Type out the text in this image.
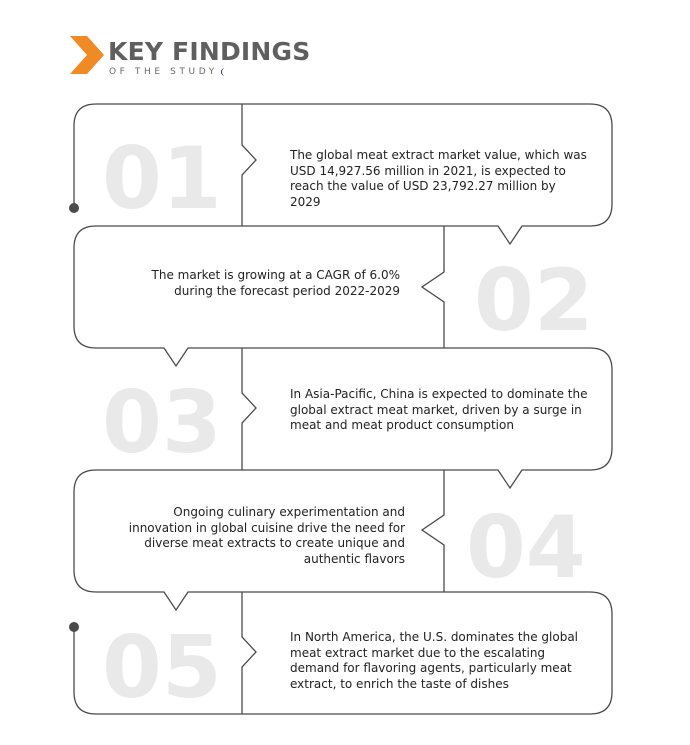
KEY FINDINGS
OF THE STUDY
01
02
03
04
05
The global meat extract market value, which was USD 14,927.56 million in 2021, is expected to reach the value of USD 23,792.27 million by 2029
The market is growing at a CAGR of 6.0% during the forecast period 2022-2029
In Asia-Pacific, China is expected to dominate the global extract meat market, driven by a surge in meat and meat product consumption
Ongoing culinary experimentation and innovation in global cuisine drive the need for diverse meat extracts to create unique and authentic flavors
In North America, the U.S. dominates the global meat extract market due to the escalating demand for flavoring agents, particularly meat extract, to enrich the taste of dishes
